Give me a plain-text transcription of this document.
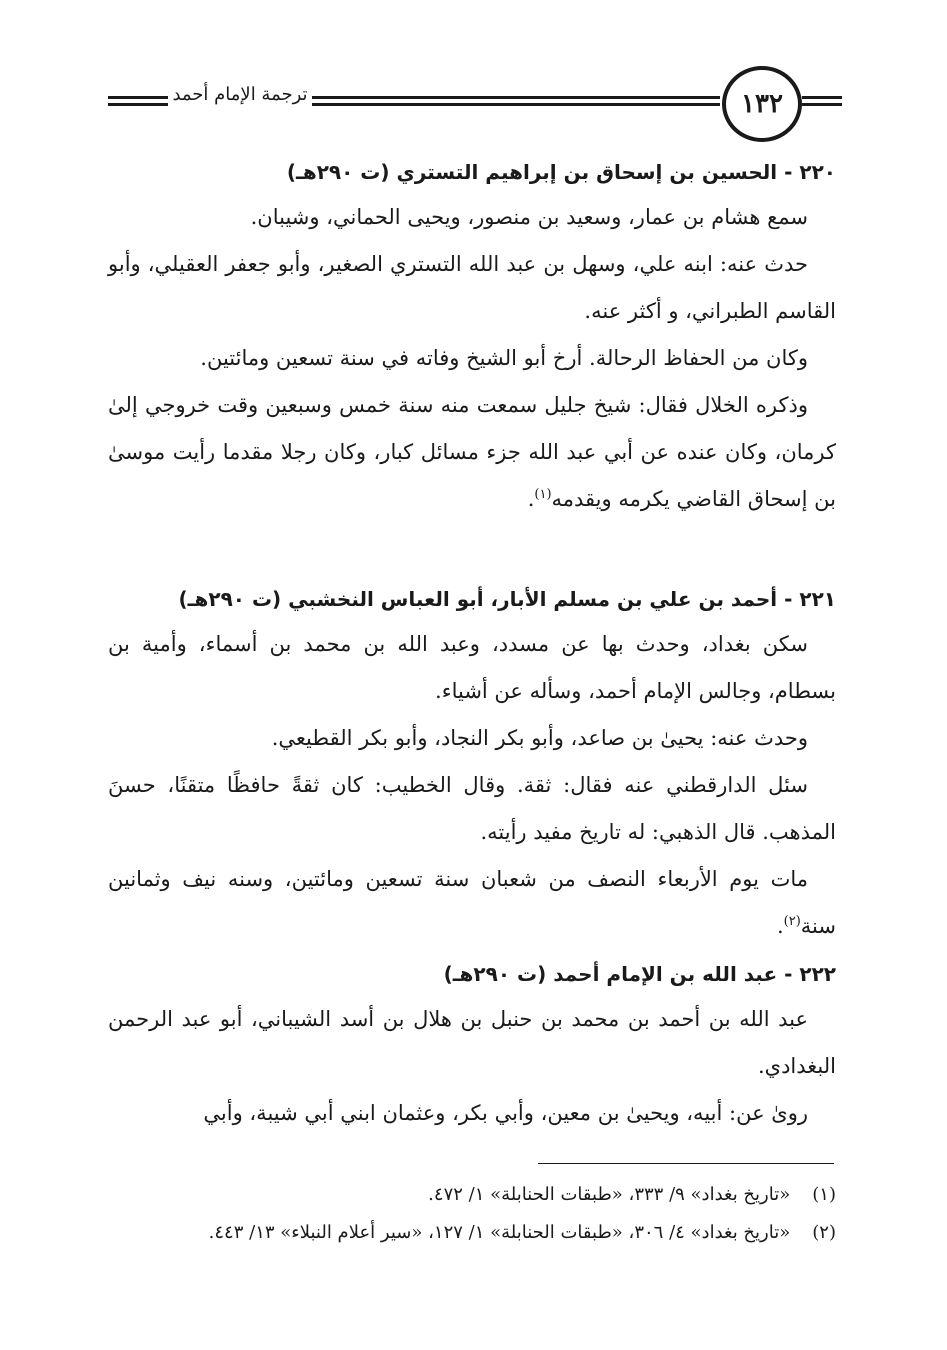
ترجمة الإمام أحمد	١٣٢

٢٢٠ - الحسين بن إسحاق بن إبراهيم التستري (ت ٢٩٠هـ)

سمع هشام بن عمار، وسعيد بن منصور، ويحيى الحماني، وشيبان.

حدث عنه: ابنه علي، وسهل بن عبد الله التستري الصغير، وأبو جعفر العقيلي، وأبو القاسم الطبراني، و أكثر عنه.

وكان من الحفاظ الرحالة. أرخ أبو الشيخ وفاته في سنة تسعين ومائتين.

وذكره الخلال فقال: شيخ جليل سمعت منه سنة خمس وسبعين وقت خروجي إلىٰ كرمان، وكان عنده عن أبي عبد الله جزء مسائل كبار، وكان رجلا مقدما رأيت موسىٰ بن إسحاق القاضي يكرمه ويقدمه$^{(١)}$.

٢٢١ - أحمد بن علي بن مسلم الأبار، أبو العباس النخشبي (ت ٢٩٠هـ)

سكن بغداد، وحدث بها عن مسدد، وعبد الله بن محمد بن أسماء، وأمية بن بسطام، وجالس الإمام أحمد، وسأله عن أشياء.

وحدث عنه: يحيىٰ بن صاعد، وأبو بكر النجاد، وأبو بكر القطيعي.

سئل الدارقطني عنه فقال: ثقة. وقال الخطيب: كان ثقةً حافظًا متقنًا، حسنَ المذهب. قال الذهبي: له تاريخ مفيد رأيته.

مات يوم الأربعاء النصف من شعبان سنة تسعين ومائتين، وسنه نيف وثمانين سنة$^{(٢)}$.

٢٢٢ - عبد الله بن الإمام أحمد (ت ٢٩٠هـ)

عبد الله بن أحمد بن محمد بن حنبل بن هلال بن أسد الشيباني، أبو عبد الرحمن البغدادي.

روىٰ عن: أبيه، ويحيىٰ بن معين، وأبي بكر، وعثمان ابني أبي شيبة، وأبي

(١) «تاريخ بغداد» ٩/ ٣٣٣، «طبقات الحنابلة» ١/ ٤٧٢.

(٢) «تاريخ بغداد» ٤/ ٣٠٦، «طبقات الحنابلة» ١/ ١٢٧، «سير أعلام النبلاء» ١٣/ ٤٤٣.
